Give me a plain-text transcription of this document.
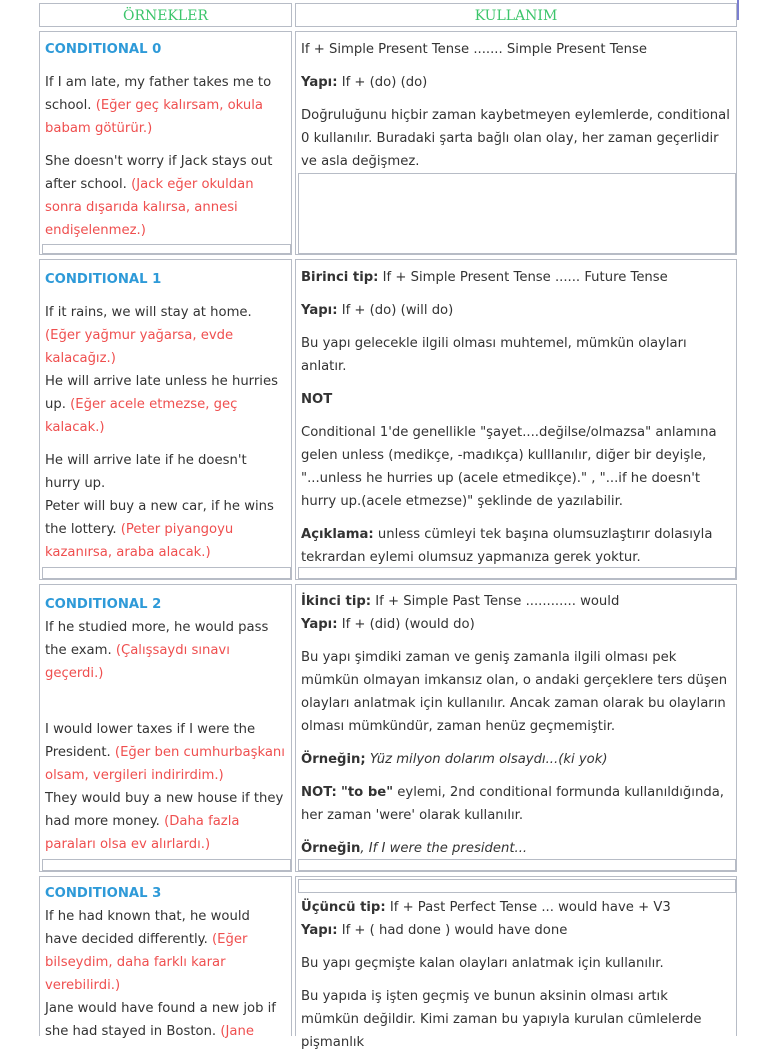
ÖRNEKLER	KULLANIM
CONDITIONAL 0

If I am late, my father takes me to school. (Eğer geç kalırsam, okula babam götürür.)

She doesn't worry if Jack stays out after school. (Jack eğer okuldan sonra dışarıda kalırsa, annesi endişelenmez.)

If + Simple Present Tense ....... Simple Present Tense

Yapı: If + (do) (do)

Doğruluğunu hiçbir zaman kaybetmeyen eylemlerde, conditional 0 kullanılır. Buradaki şarta bağlı olan olay, her zaman geçerlidir ve asla değişmez.

CONDITIONAL 1
If it rains, we will stay at home. (Eğer yağmur yağarsa, evde kalacağız.)

He will arrive late unless he hurries up. (Eğer acele etmezse, geç kalacak.)

He will arrive late if he doesn't hurry up.
Peter will buy a new car, if he wins the lottery. (Peter piyangoyu kazanırsa, araba alacak.)

Birinci tip: If + Simple Present Tense ...... Future Tense

Yapı: If + (do) (will do)

Bu yapı gelecekle ilgili olması muhtemel, mümkün olayları anlatır.

NOT

Conditional 1'de genellikle "şayet....değilse/olmazsa" anlamına gelen unless (medikçe, -madıkça) kulllanılır, diğer bir deyişle, "...unless he hurries up (acele etmedikçe)." , "...if he doesn't hurry up.(acele etmezse)" şeklinde de yazılabilir.

Açıklama: unless cümleyi tek başına olumsuzlaştırır dolasıyla tekrardan eylemi olumsuz yapmanıza gerek yoktur.

CONDITIONAL 2
If he studied more, he would pass the exam. (Çalışsaydı sınavı geçerdi.)
I would lower taxes if I were the President. (Eğer ben cumhurbaşkanı olsam, vergileri indirirdim.)
They would buy a new house if they had more money. (Daha fazla paraları olsa ev alırlardı.)
İkinci tip: If + Simple Past Tense ............ would

Yapı: If + (did) (would do)

Bu yapı şimdiki zaman ve geniş zamanla ilgili olması pek mümkün olmayan imkansız olan, o andaki gerçeklere ters düşen olayları anlatmak için kullanılır. Ancak zaman olarak bu olayların olması mümkündür, zaman henüz geçmemiştir.

Örneğin; Yüz milyon dolarım olsaydı...(ki yok)

NOT: "to be" eylemi, 2nd conditional formunda kullanıldığında, her zaman 'were' olarak kullanılır.

Örneğin, If I were the president...

CONDITIONAL 3
If he had known that, he would have decided differently. (Eğer bilseydim, daha farklı karar verebilirdi.)
Jane would have found a new job if she had stayed in Boston. (Jane
Üçüncü tip: If + Past Perfect Tense ... would have + V3

Yapı: If + ( had done ) would have done

Bu yapı geçmişte kalan olayları anlatmak için kullanılır.

Bu yapıda iş işten geçmiş ve bunun aksinin olması artık mümkün değildir. Kimi zaman bu yapıyla kurulan cümlelerde pişmanlık
